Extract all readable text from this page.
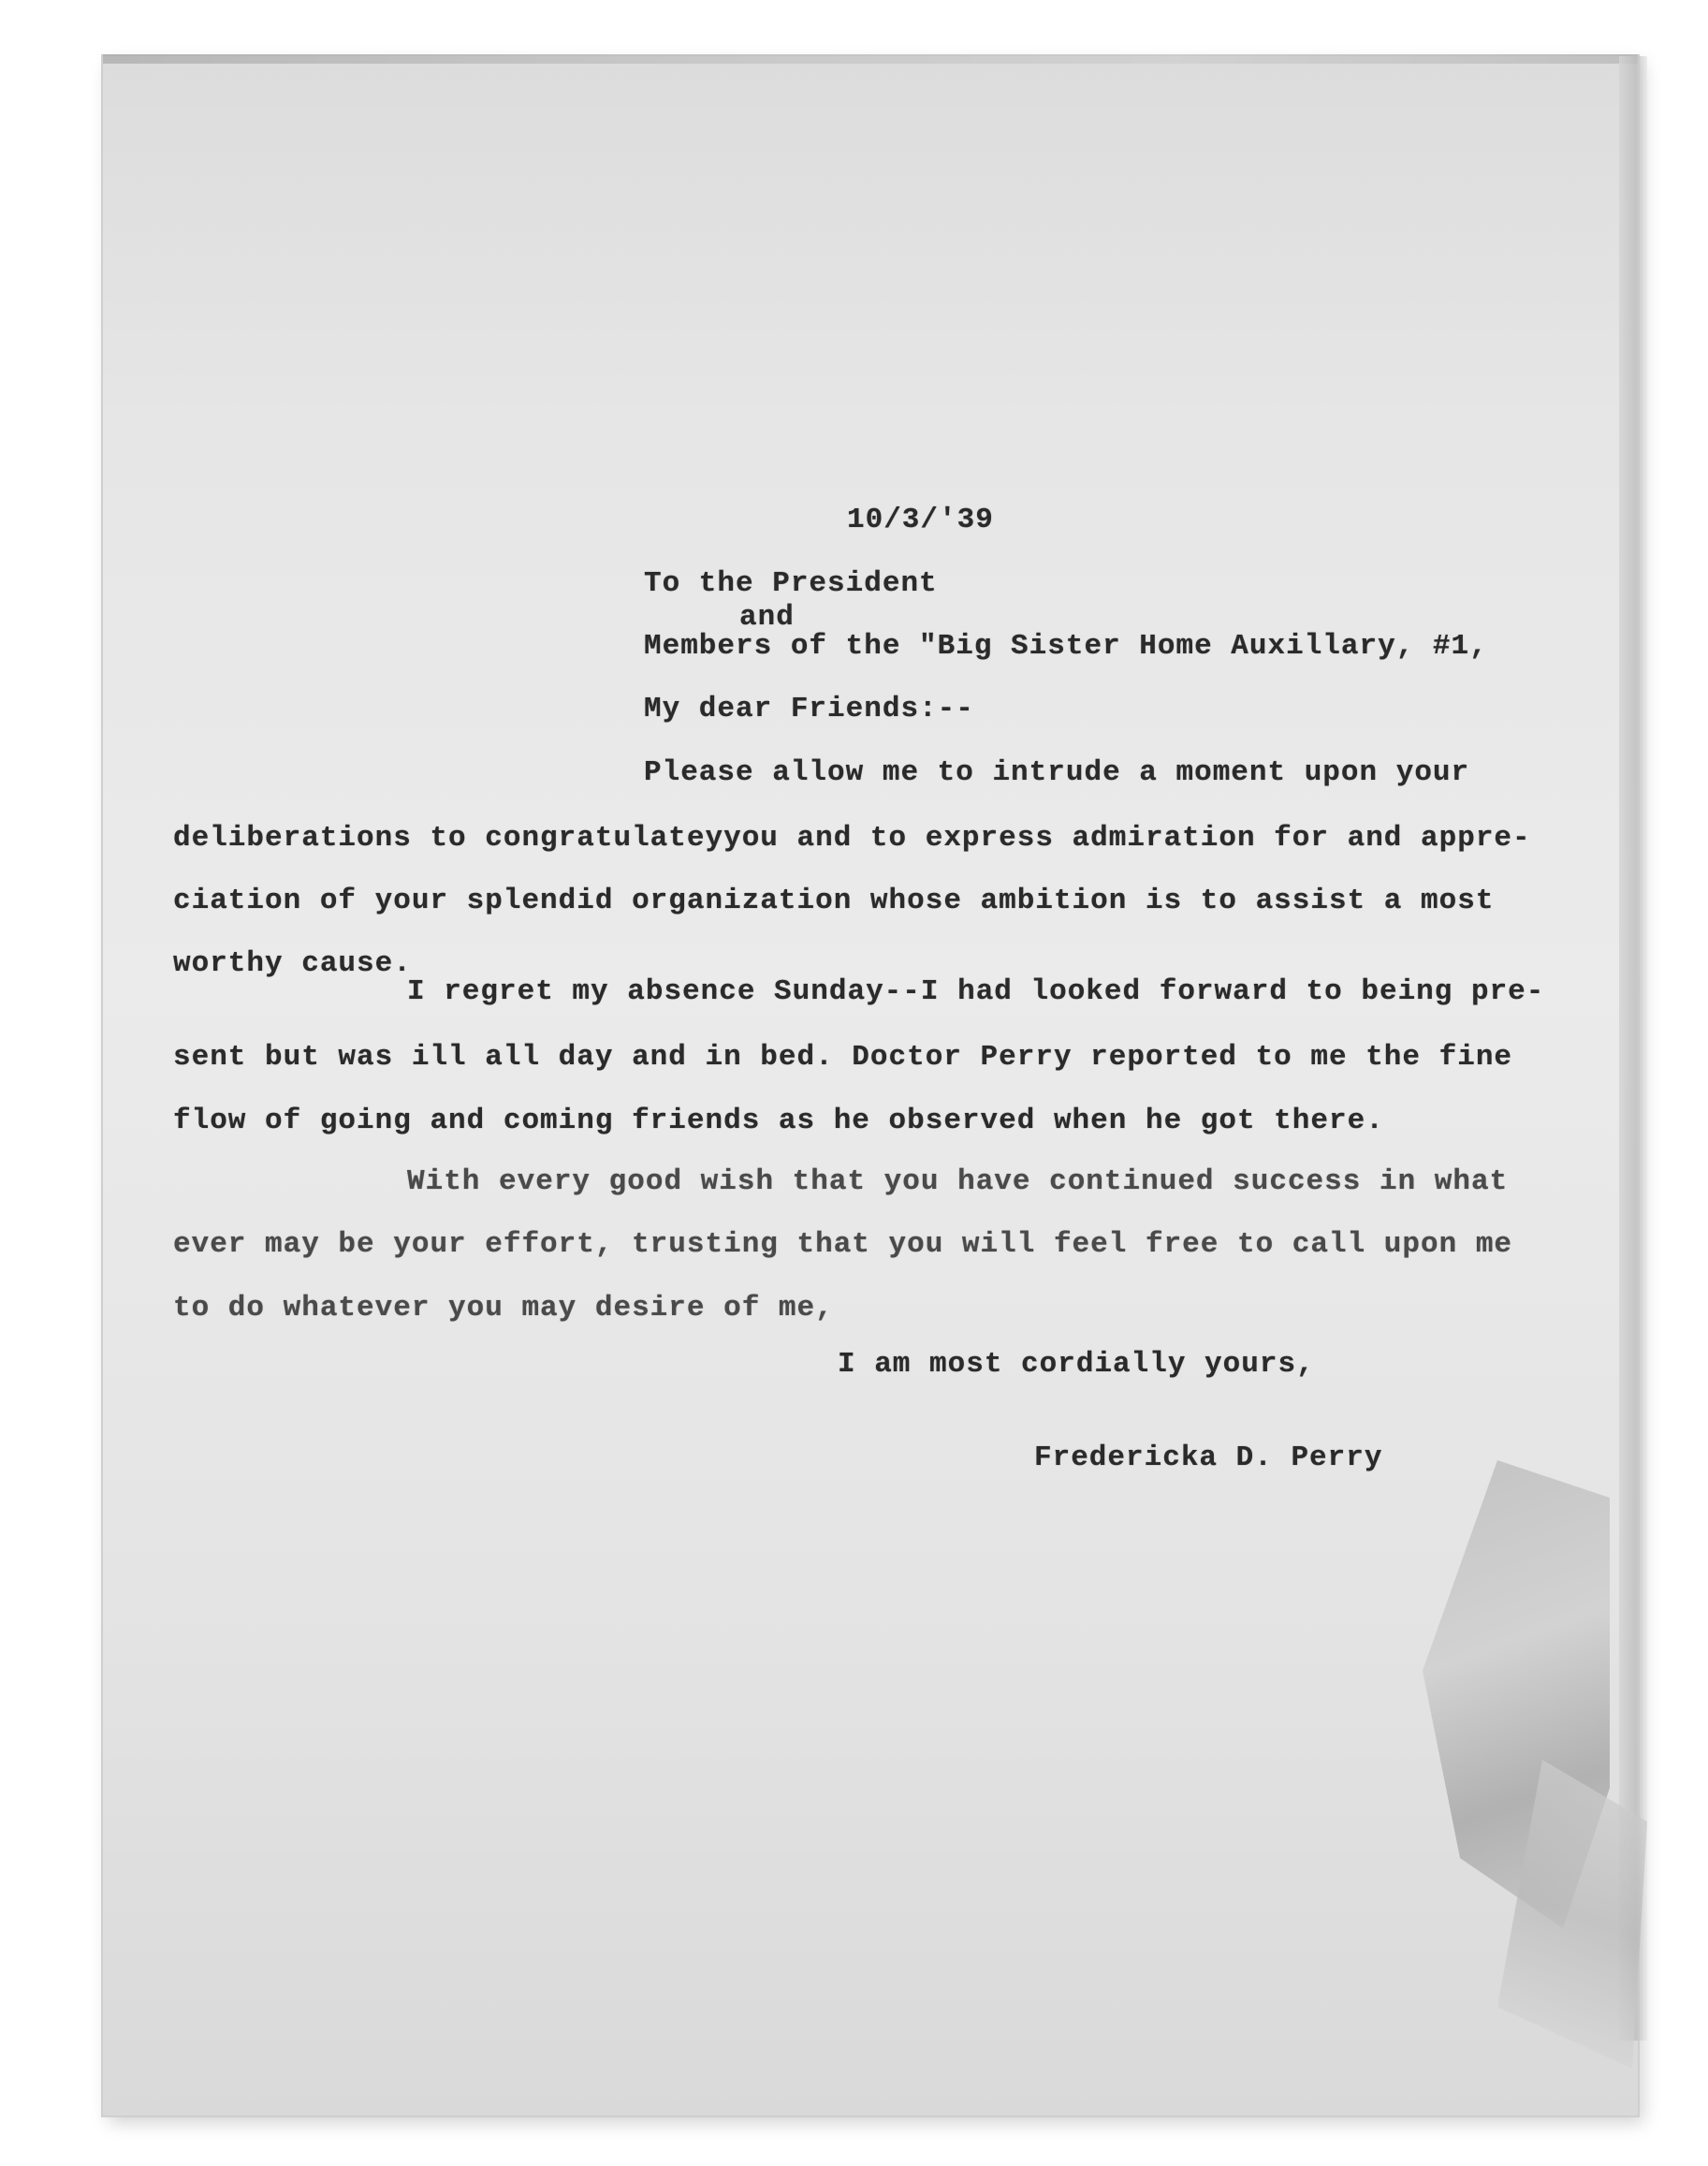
10/3/'39
To the President
and
Members of the "Big Sister Home Auxillary, #1,
My dear Friends:--
Please allow me to intrude a moment upon your
deliberations to congratulateyyou and to express admiration for and appre-
ciation of your splendid organization whose ambition is to assist a most
worthy cause.
I regret my absence Sunday--I had looked forward to being pre-
sent but was ill all day and in bed. Doctor Perry reported to me the fine
flow of going and coming friends as he observed when he got there.
With every good wish that you have continued success in what
ever may be your effort, trusting that you will feel free to call upon me
to do whatever you may desire of me,
I am most cordially yours,
Fredericka D. Perry
